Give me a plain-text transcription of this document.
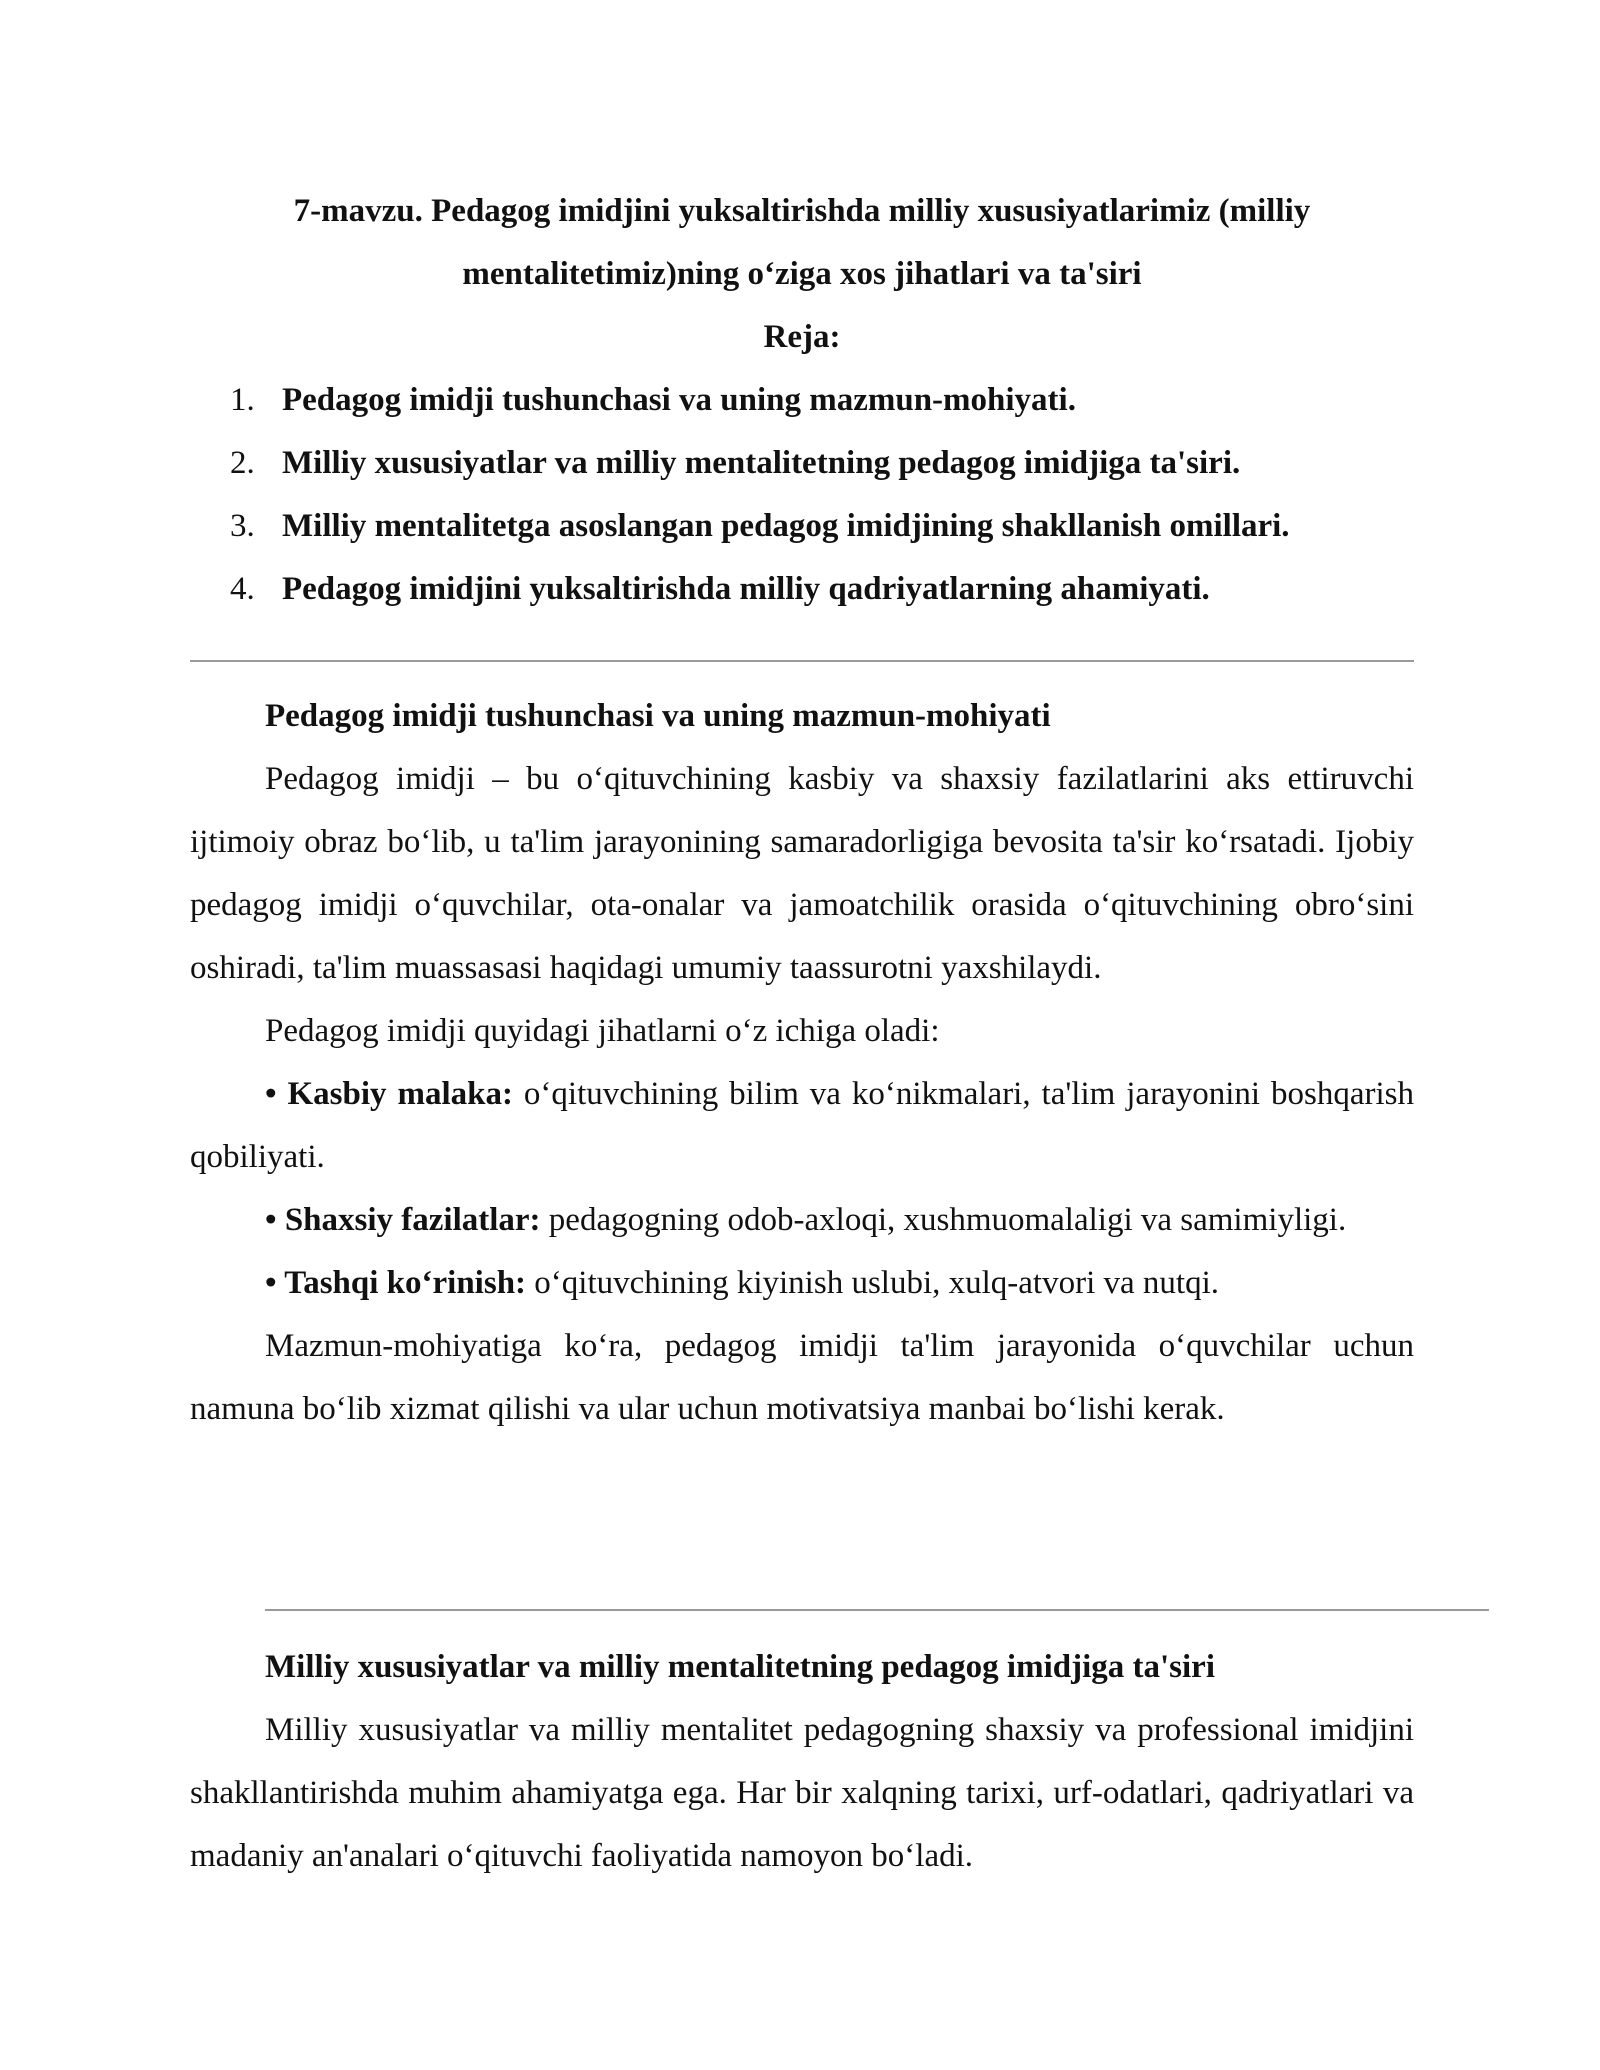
7-mavzu. Pedagog imidjini yuksaltirishda milliy xususiyatlarimiz (milliy
mentalitetimiz)ning o‘ziga xos jihatlari va ta'siri
Reja:
1. Pedagog imidji tushunchasi va uning mazmun-mohiyati.
2. Milliy xususiyatlar va milliy mentalitetning pedagog imidjiga ta'siri.
3. Milliy mentalitetga asoslangan pedagog imidjining shakllanish omillari.
4. Pedagog imidjini yuksaltirishda milliy qadriyatlarning ahamiyati.
Pedagog imidji tushunchasi va uning mazmun-mohiyati

Pedagog imidji – bu o‘qituvchining kasbiy va shaxsiy fazilatlarini aks ettiruvchi ijtimoiy obraz bo‘lib, u ta'lim jarayonining samaradorligiga bevosita ta'sir ko‘rsatadi. Ijobiy pedagog imidji o‘quvchilar, ota-onalar va jamoatchilik orasida o‘qituvchining obro‘sini oshiradi, ta'lim muassasasi haqidagi umumiy taassurotni yaxshilaydi.

Pedagog imidji quyidagi jihatlarni o‘z ichiga oladi:

• Kasbiy malaka: o‘qituvchining bilim va ko‘nikmalari, ta'lim jarayonini boshqarish qobiliyati.

• Shaxsiy fazilatlar: pedagogning odob-axloqi, xushmuomalaligi va samimiyligi.

• Tashqi ko‘rinish: o‘qituvchining kiyinish uslubi, xulq-atvori va nutqi.

Mazmun-mohiyatiga ko‘ra, pedagog imidji ta'lim jarayonida o‘quvchilar uchun namuna bo‘lib xizmat qilishi va ular uchun motivatsiya manbai bo‘lishi kerak.

Milliy xususiyatlar va milliy mentalitetning pedagog imidjiga ta'siri

Milliy xususiyatlar va milliy mentalitet pedagogning shaxsiy va professional imidjini shakllantirishda muhim ahamiyatga ega. Har bir xalqning tarixi, urf-odatlari, qadriyatlari va madaniy an'analari o‘qituvchi faoliyatida namoyon bo‘ladi.
